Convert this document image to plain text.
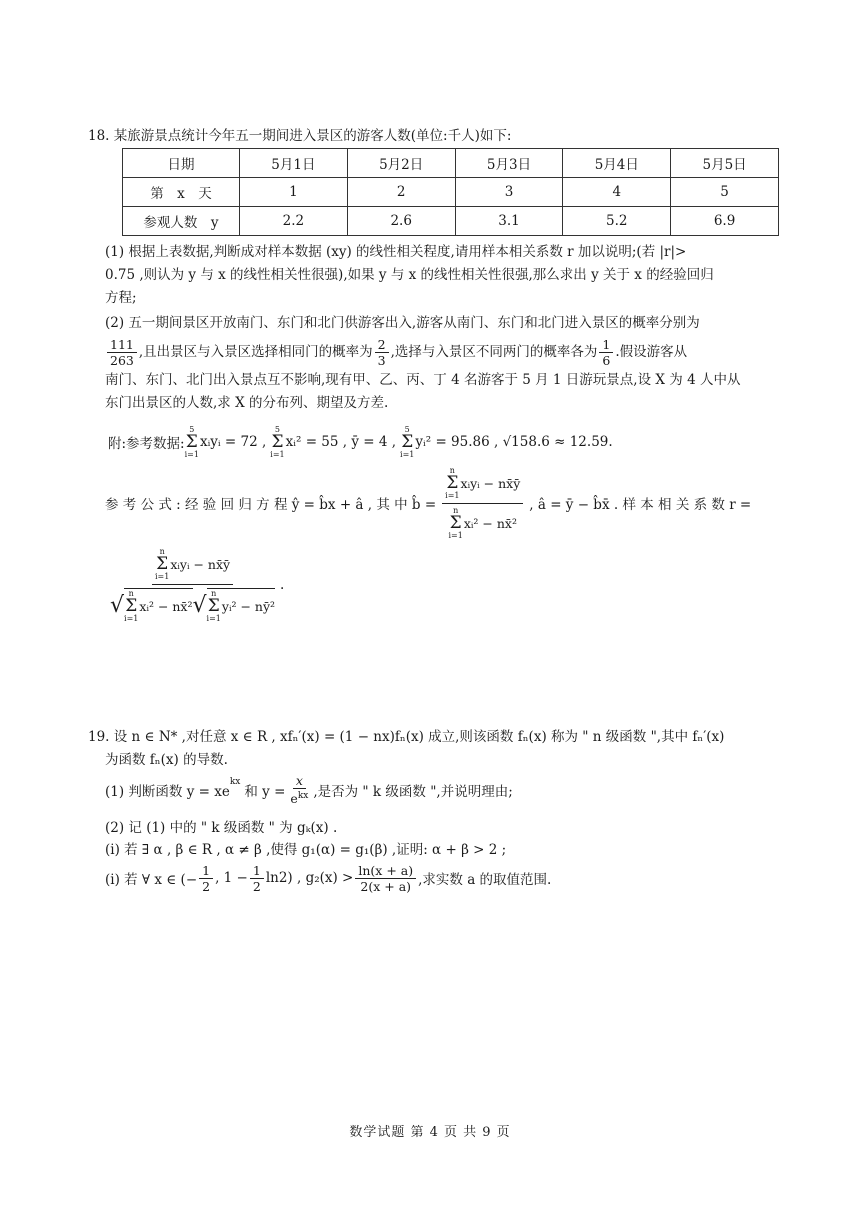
18. 某旅游景点统计今年五一期间进入景区的游客人数(单位:千人)如下:
日期	5月1日	5月2日	5月3日	5月4日	5月5日
第　x　天	1	2	3	4	5
参观人数　y	2.2	2.6	3.1	5.2	6.9
(1) 根据上表数据,判断成对样本数据 (xy) 的线性相关程度,请用样本相关系数 r 加以说明;(若 |r|>
0.75 ,则认为 y 与 x 的线性相关性很强),如果 y 与 x 的线性相关性很强,那么求出 y 关于 x 的经验回归
方程;
(2) 五一期间景区开放南门、东门和北门供游客出入,游客从南门、东门和北门进入景区的概率分别为
$\frac{111}{263}$ ,且出景区与入景区选择相同门的概率为 $\frac{2}{3}$ ,选择与入景区不同两门的概率各为 $\frac{1}{6}$ .假设游客从
南门、东门、北门出入景点互不影响,现有甲、乙、丙、丁 4 名游客于 5 月 1 日游玩景点,设 X 为 4 人中从
东门出景区的人数,求 X 的分布列、期望及方差.
附:参考数据:
5
Σ
i=1
xᵢyᵢ = 72 ,
5
Σ
i=1
xᵢ² = 55 , ȳ = 4 ,
5
Σ
i=1
yᵢ² = 95.86 , √158.6 ≈ 12.59.
参 考 公 式 : 经 验 回 归 方 程 ŷ = b̂x + â , 其 中 b̂ = n
Σ
i=1
xᵢyᵢ − nx̄ȳ
n
Σ
i=1
xᵢ² − nx̄² , â = ȳ − b̂x̄ . 样 本 相 关 系 数 r =
n
Σ
i=1
xᵢyᵢ − nx̄ȳ
√ n
Σ
i=1
xᵢ² − nx̄² √ n
Σ
i=1
yᵢ² − nȳ²
.
19. 设 n ∈ N* ,对任意 x ∈ R , xfₙ′(x) = (1 − nx)fₙ(x) 成立,则该函数 fₙ(x) 称为 " n 级函数 ",其中 fₙ′(x)
为函数 fₙ(x) 的导数.
(1) 判断函数 y = xe
$^{kx}$
和 $y = \frac{x}{e^{kx}}$ ,是否为 " k 级函数 ",并说明理由;
(2) 记 (1) 中的 " k 级函数 " 为 gₖ(x) .
(i) 若 ∃ α , β ∈ R , α ≠ β ,使得 g₁(α) = g₁(β) ,证明: α + β > 2 ;
(i) 若 ∀ x ∈ (− $\frac{1}{2}$ , $1 - \frac{1}{2} \ln 2$) , $g_2(x) > \frac{\ln(x + a)}{2(x + a)}$ ,求实数 a 的取值范围.
数学试题 第 4 页 共 9 页
